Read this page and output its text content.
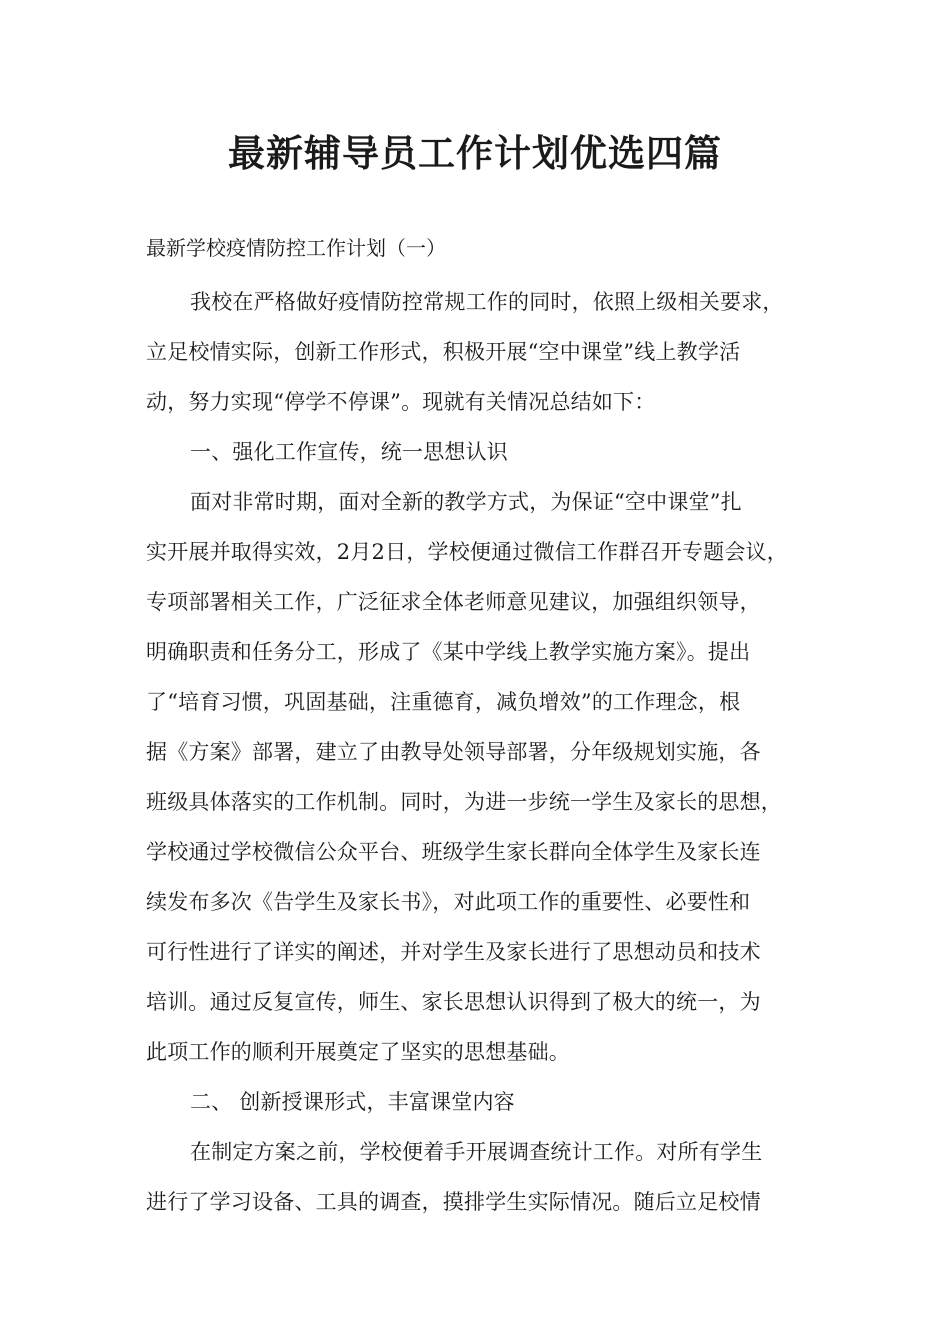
最新辅导员工作计划优选四篇

最新学校疫情防控工作计划（一）

我校在严格做好疫情防控常规工作的同时，依照上级相关要求，
立足校情实际，创新工作形式，积极开展“空中课堂”线上教学活
动，努力实现“停学不停课”。现就有关情况总结如下：
一、强化工作宣传，统一思想认识
面对非常时期，面对全新的教学方式，为保证“空中课堂”扎
实开展并取得实效，2月2日，学校便通过微信工作群召开专题会议，
专项部署相关工作，广泛征求全体老师意见建议，加强组织领导，
明确职责和任务分工，形成了《某中学线上教学实施方案》。提出
了“培育习惯，巩固基础，注重德育，减负增效”的工作理念，根
据《方案》部署，建立了由教导处领导部署，分年级规划实施，各
班级具体落实的工作机制。同时，为进一步统一学生及家长的思想，
学校通过学校微信公众平台、班级学生家长群向全体学生及家长连
续发布多次《告学生及家长书》，对此项工作的重要性、必要性和
可行性进行了详实的阐述，并对学生及家长进行了思想动员和技术
培训。通过反复宣传，师生、家长思想认识得到了极大的统一，为
此项工作的顺利开展奠定了坚实的思想基础。
二、 创新授课形式，丰富课堂内容
在制定方案之前，学校便着手开展调查统计工作。对所有学生
进行了学习设备、工具的调查，摸排学生实际情况。随后立足校情
